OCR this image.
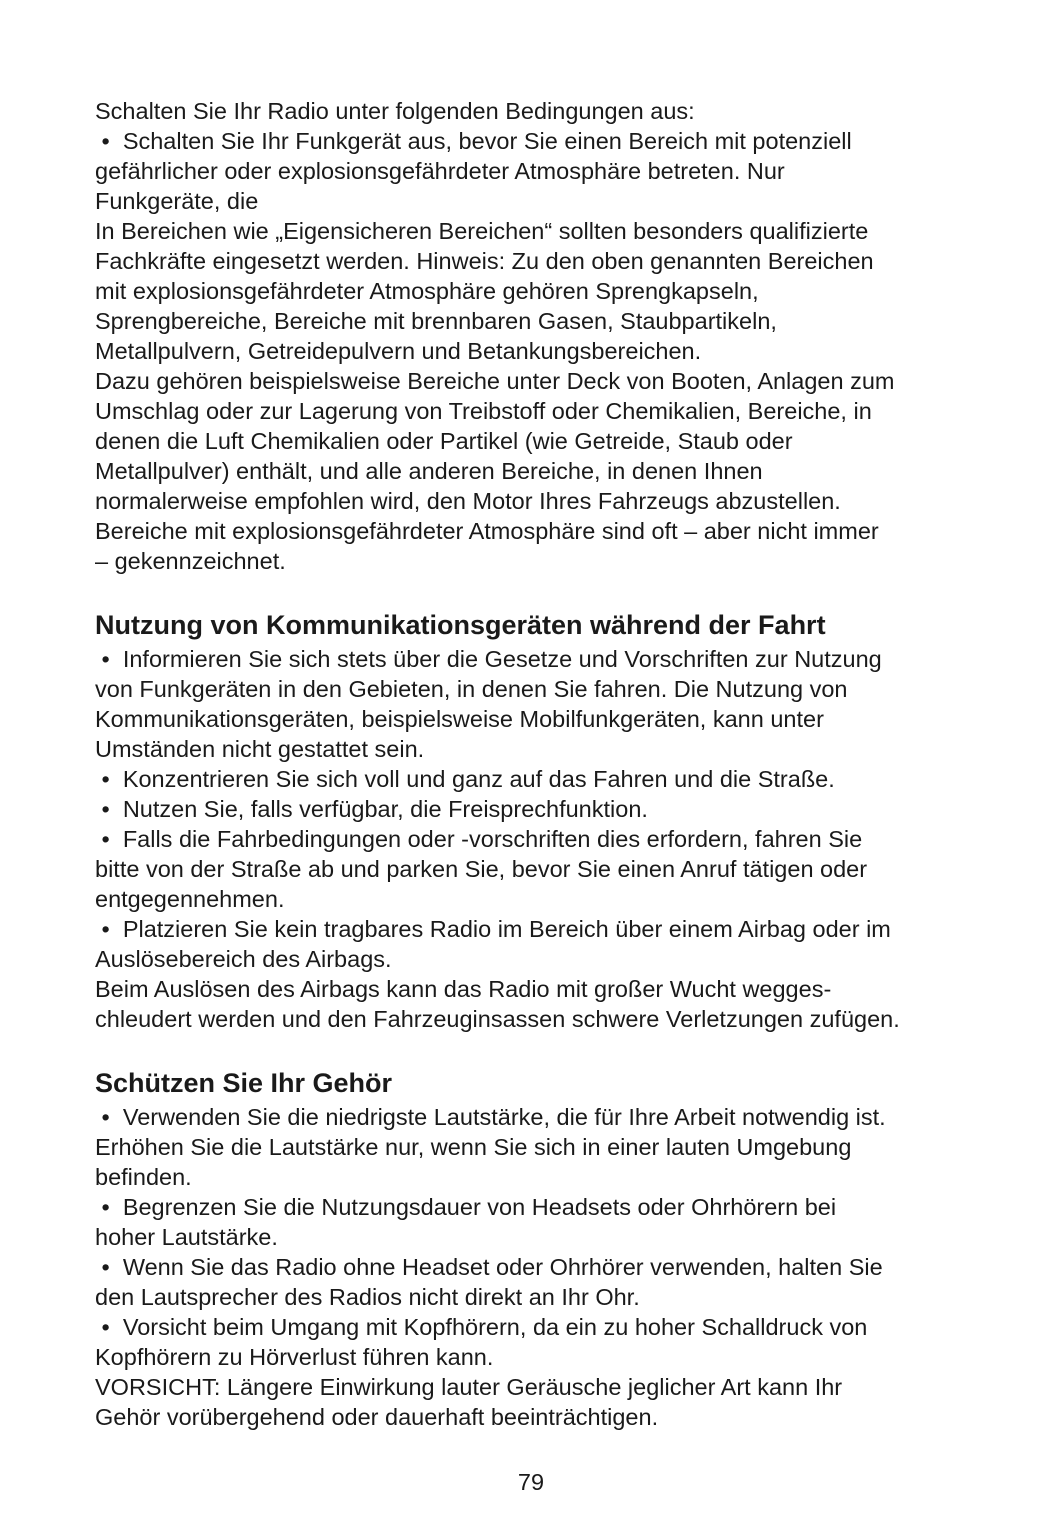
Schalten Sie Ihr Radio unter folgenden Bedingungen aus:
•  Schalten Sie Ihr Funkgerät aus, bevor Sie einen Bereich mit potenziell
gefährlicher oder explosionsgefährdeter Atmosphäre betreten. Nur
Funkgeräte, die
In Bereichen wie „Eigensicheren Bereichen“ sollten besonders qualifizierte
Fachkräfte eingesetzt werden. Hinweis: Zu den oben genannten Bereichen
mit explosionsgefährdeter Atmosphäre gehören Sprengkapseln,
Sprengbereiche, Bereiche mit brennbaren Gasen, Staubpartikeln,
Metallpulvern, Getreidepulvern und Betankungsbereichen.
Dazu gehören beispielsweise Bereiche unter Deck von Booten, Anlagen zum
Umschlag oder zur Lagerung von Treibstoff oder Chemikalien, Bereiche, in
denen die Luft Chemikalien oder Partikel (wie Getreide, Staub oder
Metallpulver) enthält, und alle anderen Bereiche, in denen Ihnen
normalerweise empfohlen wird, den Motor Ihres Fahrzeugs abzustellen.
Bereiche mit explosionsgefährdeter Atmosphäre sind oft – aber nicht immer
– gekennzeichnet.
Nutzung von Kommunikationsgeräten während der Fahrt
•  Informieren Sie sich stets über die Gesetze und Vorschriften zur Nutzung
von Funkgeräten in den Gebieten, in denen Sie fahren. Die Nutzung von
Kommunikationsgeräten, beispielsweise Mobilfunkgeräten, kann unter
Umständen nicht gestattet sein.
•  Konzentrieren Sie sich voll und ganz auf das Fahren und die Straße.
•  Nutzen Sie, falls verfügbar, die Freisprechfunktion.
•  Falls die Fahrbedingungen oder -vorschriften dies erfordern, fahren Sie
bitte von der Straße ab und parken Sie, bevor Sie einen Anruf tätigen oder
entgegennehmen.
•  Platzieren Sie kein tragbares Radio im Bereich über einem Airbag oder im
Auslösebereich des Airbags.
Beim Auslösen des Airbags kann das Radio mit großer Wucht wegges-
chleudert werden und den Fahrzeuginsassen schwere Verletzungen zufügen.
Schützen Sie Ihr Gehör
•  Verwenden Sie die niedrigste Lautstärke, die für Ihre Arbeit notwendig ist.
Erhöhen Sie die Lautstärke nur, wenn Sie sich in einer lauten Umgebung
befinden.
•  Begrenzen Sie die Nutzungsdauer von Headsets oder Ohrhörern bei
hoher Lautstärke.
•  Wenn Sie das Radio ohne Headset oder Ohrhörer verwenden, halten Sie
den Lautsprecher des Radios nicht direkt an Ihr Ohr.
•  Vorsicht beim Umgang mit Kopfhörern, da ein zu hoher Schalldruck von
Kopfhörern zu Hörverlust führen kann.
VORSICHT: Längere Einwirkung lauter Geräusche jeglicher Art kann Ihr
Gehör vorübergehend oder dauerhaft beeinträchtigen.
79
